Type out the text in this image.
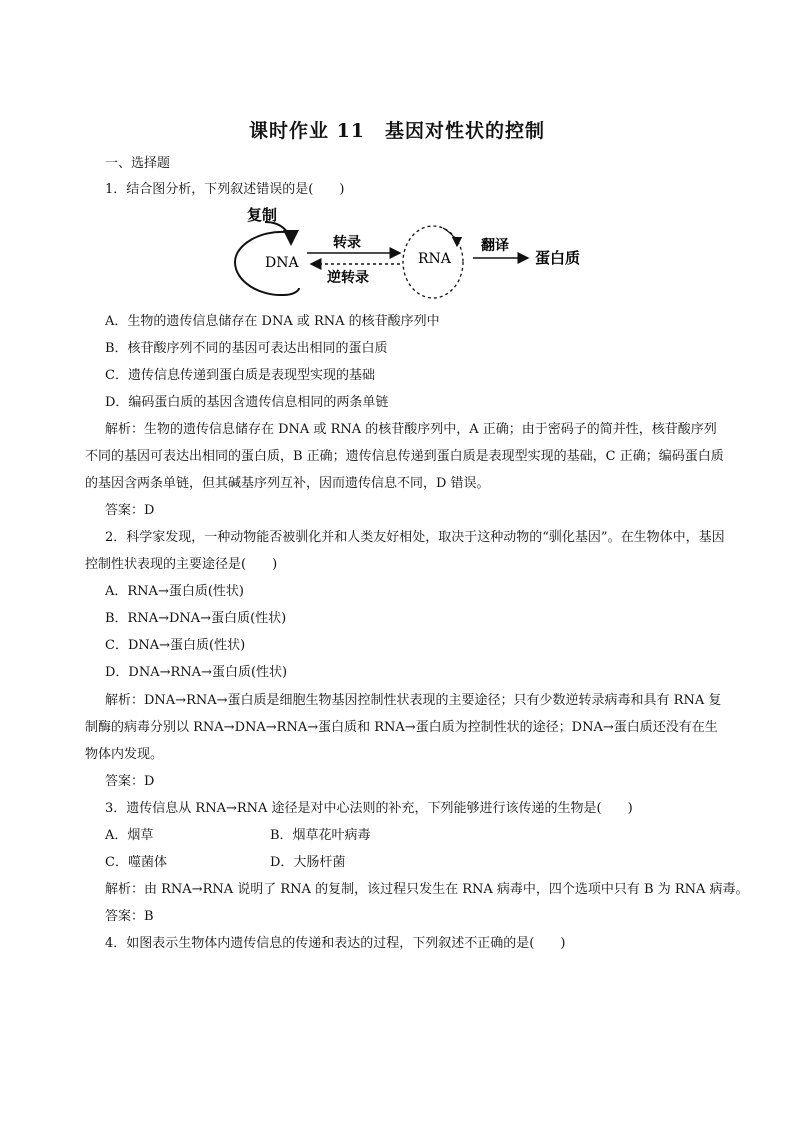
课时作业 11　基因对性状的控制
一、选择题
1．结合图分析，下列叙述错误的是(　　)
复制
DNA
转录
逆转录
RNA
翻译
蛋白质
A．生物的遗传信息储存在 DNA 或 RNA 的核苷酸序列中
B．核苷酸序列不同的基因可表达出相同的蛋白质
C．遗传信息传递到蛋白质是表现型实现的基础
D．编码蛋白质的基因含遗传信息相同的两条单链

解析：生物的遗传信息储存在 DNA 或 RNA 的核苷酸序列中，A 正确；由于密码子的简并性，核苷酸序列不同的基因可表达出相同的蛋白质，B 正确；遗传信息传递到蛋白质是表现型实现的基础，C 正确；编码蛋白质的基因含两条单链，但其碱基序列互补，因而遗传信息不同，D 错误。

答案：D

2．科学家发现，一种动物能否被驯化并和人类友好相处，取决于这种动物的“驯化基因”。在生物体中，基因控制性状表现的主要途径是(　　)

A．RNA→蛋白质(性状)
B．RNA→DNA→蛋白质(性状)
C．DNA→蛋白质(性状)
D．DNA→RNA→蛋白质(性状)

解析：DNA→RNA→蛋白质是细胞生物基因控制性状表现的主要途径；只有少数逆转录病毒和具有 RNA 复制酶的病毒分别以 RNA→DNA→RNA→蛋白质和 RNA→蛋白质为控制性状的途径；DNA→蛋白质还没有在生物体内发现。

答案：D
3．遗传信息从 RNA→RNA 途径是对中心法则的补充，下列能够进行该传递的生物是(　　)
A．烟草	B．烟草花叶病毒
C．噬菌体	D．大肠杆菌
解析：由 RNA→RNA 说明了 RNA 的复制，该过程只发生在 RNA 病毒中，四个选项中只有 B 为 RNA 病毒。
答案：B
4．如图表示生物体内遗传信息的传递和表达的过程，下列叙述不正确的是(　　)
